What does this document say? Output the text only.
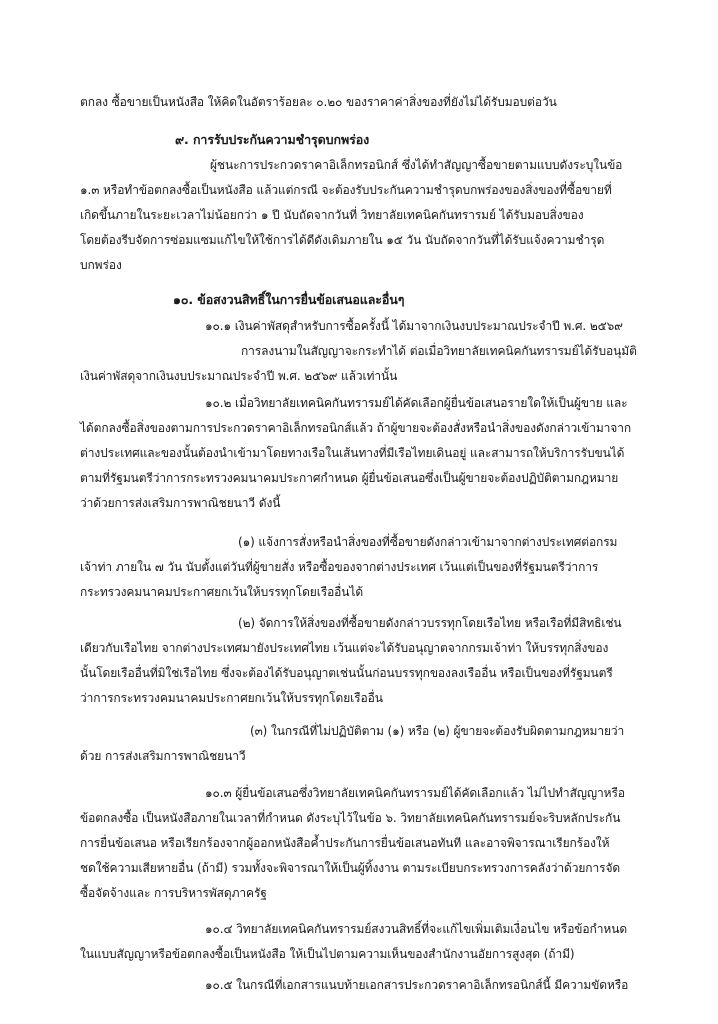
ตกลง ซื้อขายเป็นหนังสือ ให้คิดในอัตราร้อยละ ๐.๒๐ ของราคาค่าสิ่งของที่ยังไม่ได้รับมอบต่อวัน

๙. การรับประกันความชำรุดบกพร่อง

ผู้ชนะการประกวดราคาอิเล็กทรอนิกส์ ซึ่งได้ทำสัญญาซื้อขายตามแบบดังระบุในข้อ

๑.๓ หรือทำข้อตกลงซื้อเป็นหนังสือ แล้วแต่กรณี จะต้องรับประกันความชำรุดบกพร่องของสิ่งของที่ซื้อขายที่

เกิดขึ้นภายในระยะเวลาไม่น้อยกว่า ๑ ปี นับถัดจากวันที่ วิทยาลัยเทคนิคกันทรารมย์ ได้รับมอบสิ่งของ

โดยต้องรีบจัดการซ่อมแซมแก้ไขให้ใช้การได้ดีดังเดิมภายใน ๑๕ วัน นับถัดจากวันที่ได้รับแจ้งความชำรุด

บกพร่อง

๑๐. ข้อสงวนสิทธิ์ในการยื่นข้อเสนอและอื่นๆ

๑๐.๑ เงินค่าพัสดุสำหรับการซื้อครั้งนี้ ได้มาจากเงินงบประมาณประจำปี พ.ศ. ๒๕๖๙

การลงนามในสัญญาจะกระทำได้ ต่อเมื่อวิทยาลัยเทคนิคกันทรารมย์ได้รับอนุมัติ

เงินค่าพัสดุจากเงินงบประมาณประจำปี พ.ศ. ๒๕๖๙ แล้วเท่านั้น

๑๐.๒ เมื่อวิทยาลัยเทคนิคกันทรารมย์ได้คัดเลือกผู้ยื่นข้อเสนอรายใดให้เป็นผู้ขาย และ

ได้ตกลงซื้อสิ่งของตามการประกวดราคาอิเล็กทรอนิกส์แล้ว ถ้าผู้ขายจะต้องสั่งหรือนำสิ่งของดังกล่าวเข้ามาจาก

ต่างประเทศและของนั้นต้องนำเข้ามาโดยทางเรือในเส้นทางที่มีเรือไทยเดินอยู่ และสามารถให้บริการรับขนได้

ตามที่รัฐมนตรีว่าการกระทรวงคมนาคมประกาศกำหนด ผู้ยื่นข้อเสนอซึ่งเป็นผู้ขายจะต้องปฏิบัติตามกฎหมาย

ว่าด้วยการส่งเสริมการพาณิชยนาวี ดังนี้

(๑) แจ้งการสั่งหรือนำสิ่งของที่ซื้อขายดังกล่าวเข้ามาจากต่างประเทศต่อกรม

เจ้าท่า ภายใน ๗ วัน นับตั้งแต่วันที่ผู้ขายสั่ง หรือซื้อของจากต่างประเทศ เว้นแต่เป็นของที่รัฐมนตรีว่าการ

กระทรวงคมนาคมประกาศยกเว้นให้บรรทุกโดยเรืออื่นได้

(๒) จัดการให้สิ่งของที่ซื้อขายดังกล่าวบรรทุกโดยเรือไทย หรือเรือที่มีสิทธิเช่น

เดียวกับเรือไทย จากต่างประเทศมายังประเทศไทย เว้นแต่จะได้รับอนุญาตจากกรมเจ้าท่า ให้บรรทุกสิ่งของ

นั้นโดยเรืออื่นที่มิใช่เรือไทย ซึ่งจะต้องได้รับอนุญาตเช่นนั้นก่อนบรรทุกของลงเรืออื่น หรือเป็นของที่รัฐมนตรี

ว่าการกระทรวงคมนาคมประกาศยกเว้นให้บรรทุกโดยเรืออื่น

(๓) ในกรณีที่ไม่ปฏิบัติตาม (๑) หรือ (๒) ผู้ขายจะต้องรับผิดตามกฎหมายว่า

ด้วย การส่งเสริมการพาณิชยนาวี

๑๐.๓ ผู้ยื่นข้อเสนอซึ่งวิทยาลัยเทคนิคกันทรารมย์ได้คัดเลือกแล้ว ไม่ไปทำสัญญาหรือ

ข้อตกลงซื้อ เป็นหนังสือภายในเวลาที่กำหนด ดังระบุไว้ในข้อ ๖. วิทยาลัยเทคนิคกันทรารมย์จะริบหลักประกัน

การยื่นข้อเสนอ หรือเรียกร้องจากผู้ออกหนังสือค้ำประกันการยื่นข้อเสนอทันที และอาจพิจารณาเรียกร้องให้

ชดใช้ความเสียหายอื่น (ถ้ามี) รวมทั้งจะพิจารณาให้เป็นผู้ทิ้งงาน ตามระเบียบกระทรวงการคลังว่าด้วยการจัด

ซื้อจัดจ้างและ การบริหารพัสดุภาครัฐ

๑๐.๔ วิทยาลัยเทคนิคกันทรารมย์สงวนสิทธิ์ที่จะแก้ไขเพิ่มเติมเงื่อนไข หรือข้อกำหนด

ในแบบสัญญาหรือข้อตกลงซื้อเป็นหนังสือ ให้เป็นไปตามความเห็นของสำนักงานอัยการสูงสุด (ถ้ามี)

๑๐.๕ ในกรณีที่เอกสารแนบท้ายเอกสารประกวดราคาอิเล็กทรอนิกส์นี้ มีความขัดหรือ
